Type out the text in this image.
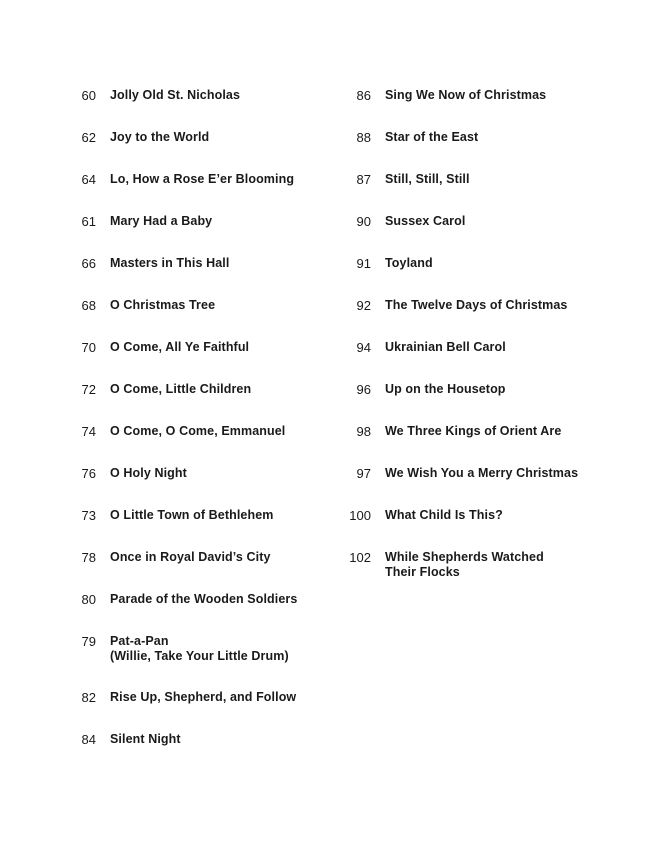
60 Jolly Old St. Nicholas
62 Joy to the World
64 Lo, How a Rose E’er Blooming
61 Mary Had a Baby
66 Masters in This Hall
68 O Christmas Tree
70 O Come, All Ye Faithful
72 O Come, Little Children
74 O Come, O Come, Emmanuel
76 O Holy Night
73 O Little Town of Bethlehem
78 Once in Royal David’s City
80 Parade of the Wooden Soldiers
79 Pat-a-Pan
(Willie, Take Your Little Drum)
82 Rise Up, Shepherd, and Follow
84 Silent Night
86 Sing We Now of Christmas
88 Star of the East
87 Still, Still, Still
90 Sussex Carol
91 Toyland
92 The Twelve Days of Christmas
94 Ukrainian Bell Carol
96 Up on the Housetop
98 We Three Kings of Orient Are
97 We Wish You a Merry Christmas
100 What Child Is This?
102 While Shepherds Watched
Their Flocks
